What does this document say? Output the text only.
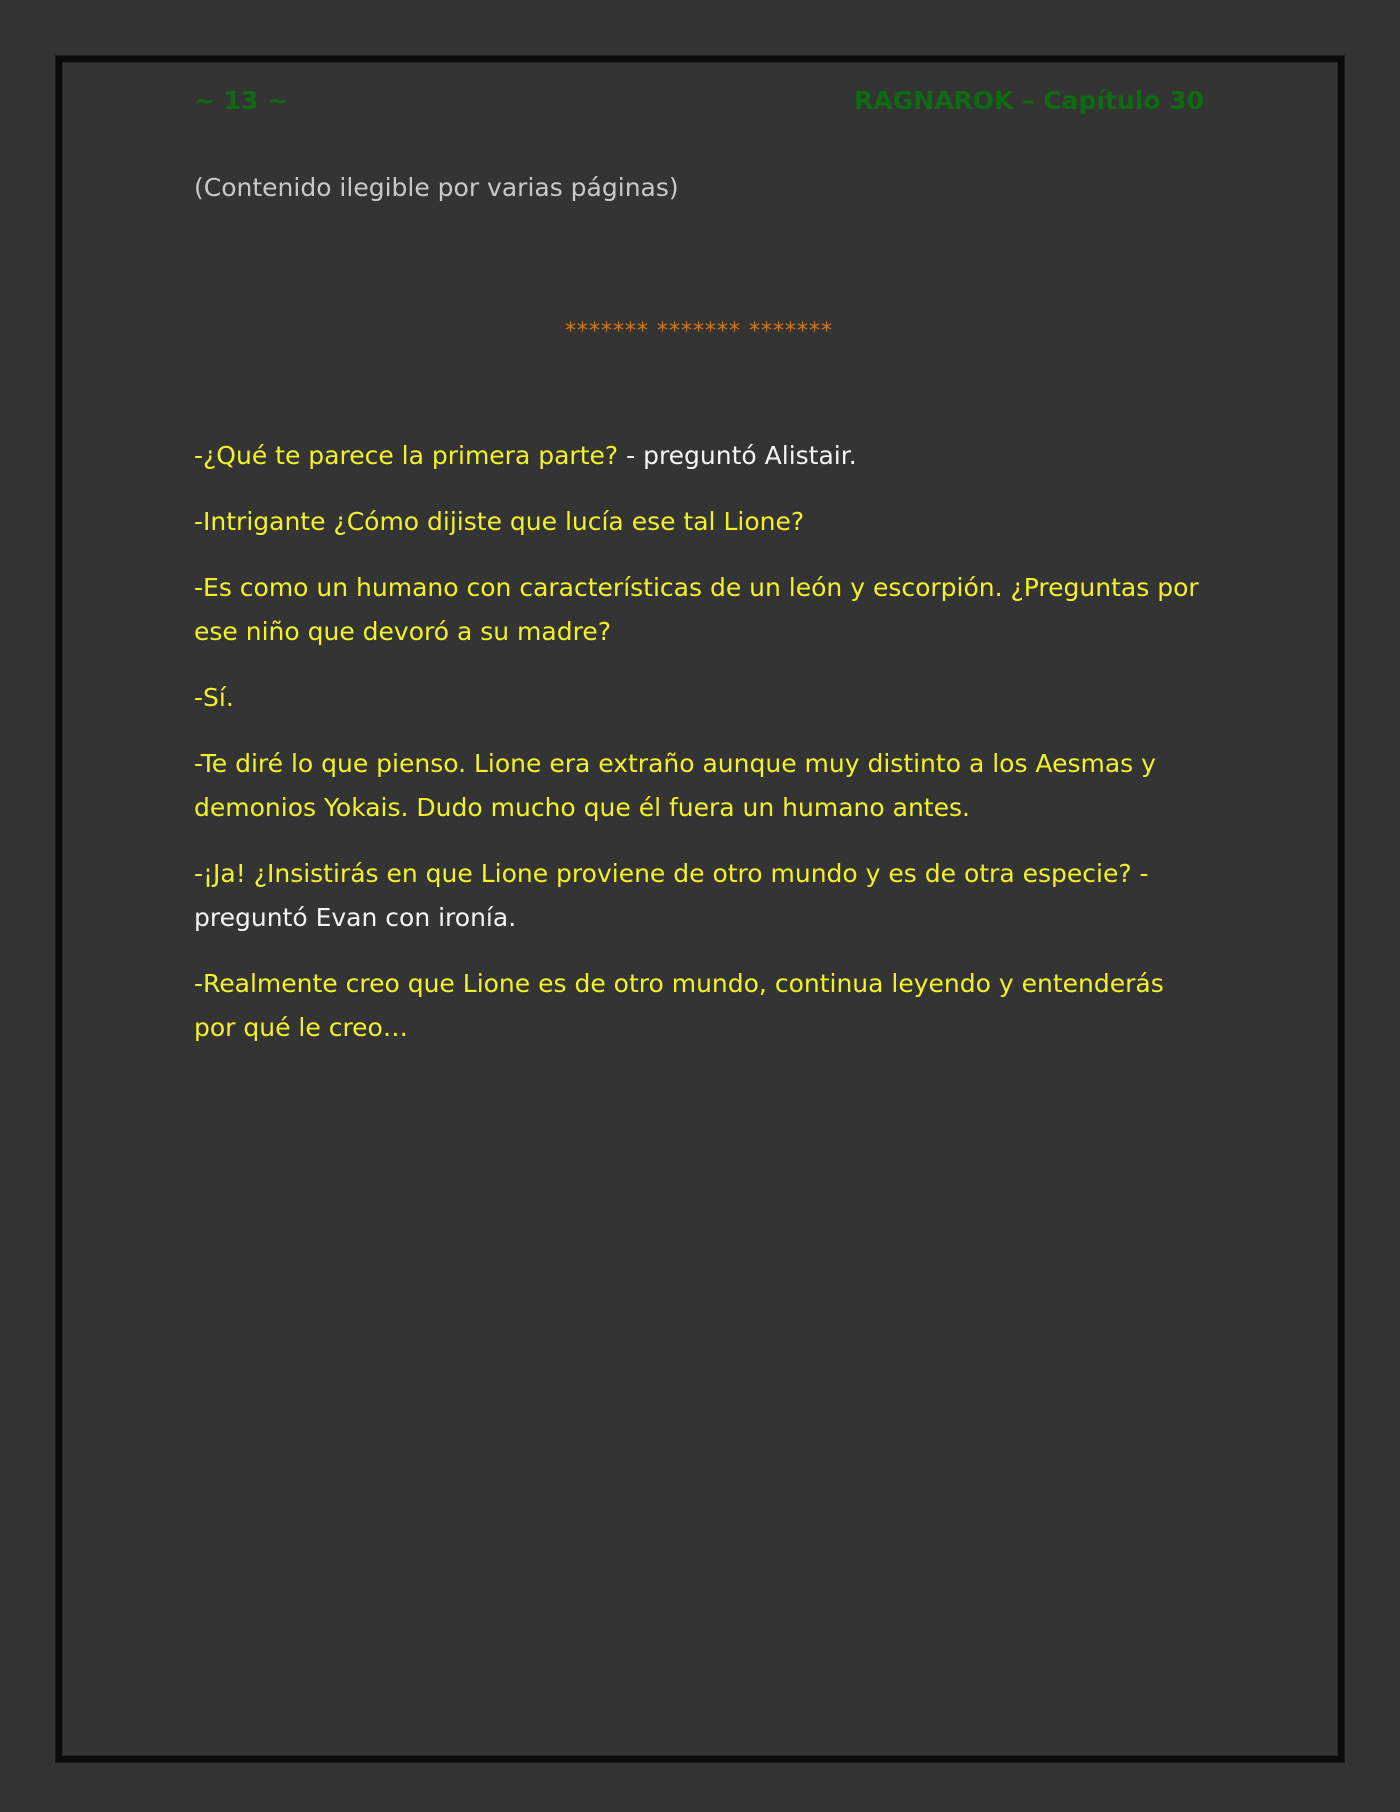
~ 13 ~	RAGNAROK – Capítulo 30

(Contenido ilegible por varias páginas)

******* ******* *******

-¿Qué te parece la primera parte? - preguntó Alistair.

-Intrigante ¿Cómo dijiste que lucía ese tal Lione?

-Es como un humano con características de un león y escorpión. ¿Preguntas por ese niño que devoró a su madre?

-Sí.

-Te diré lo que pienso. Lione era extraño aunque muy distinto a los Aesmas y demonios Yokais. Dudo mucho que él fuera un humano antes.

-¡Ja! ¿Insistirás en que Lione proviene de otro mundo y es de otra especie? - preguntó Evan con ironía.

-Realmente creo que Lione es de otro mundo, continua leyendo y entenderás por qué le creo…
